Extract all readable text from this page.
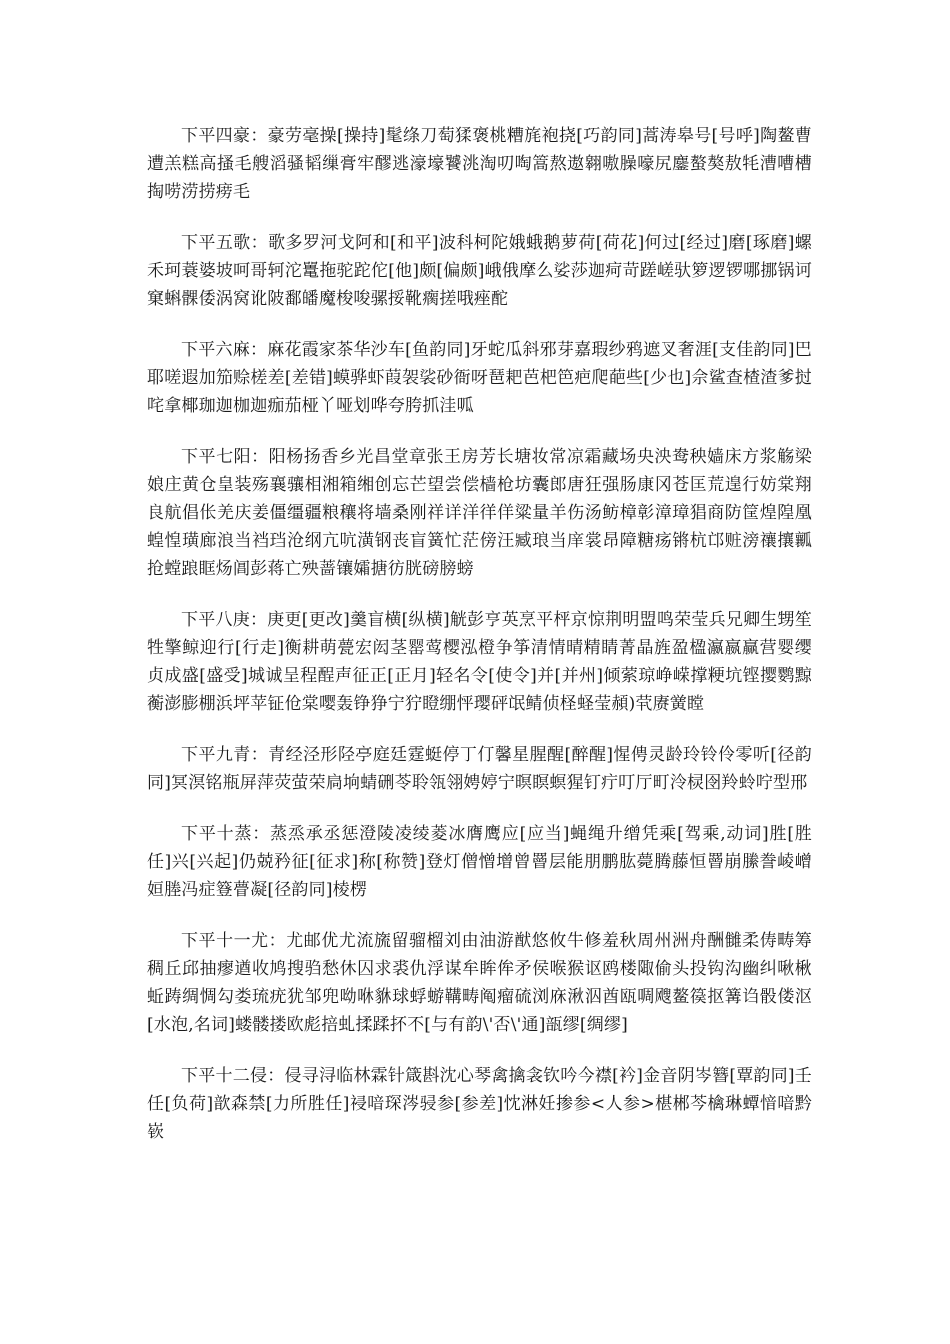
下平四豪：豪劳毫操[操持]髦绦刀萄猱褒桃糟旄袍挠[巧韵同]蒿涛皋号[号呼]陶鳌曹遭羔糕高搔毛艘滔骚韬缫膏牢醪逃濠壕饕洮淘叨啕篙熬遨翱嗷臊嚎尻鏖螯獒敖牦漕嘈槽掏唠涝捞痨毛

下平五歌：歌多罗河戈阿和[和平]波科柯陀娥蛾鹅萝荷[荷花]何过[经过]磨[琢磨]螺禾珂蓑婆坡呵哥轲沱鼍拖驼跎佗[他]颇[偏颇]峨俄摩么娑莎迦疴苛蹉嵯驮箩逻锣哪挪锅诃窠蝌髁倭涡窝讹陂鄱皤魔梭唆骡挼靴瘸搓哦痤酡

下平六麻：麻花霞家茶华沙车[鱼韵同]牙蛇瓜斜邪芽嘉瑕纱鸦遮叉奢涯[支佳韵同]巴耶嗟遐加笳赊槎差[差错]蟆骅虾葭袈裟砂衙呀琶耙芭杷笆疤爬葩些[少也]佘鲨查楂渣爹挝咤拿椰珈迦枷迦痂茄桠丫哑划哗夸胯抓洼呱

下平七阳：阳杨扬香乡光昌堂章张王房芳长塘妆常凉霜藏场央泱鸯秧嫱床方浆觞梁娘庄黄仓皇装殇襄骧相湘箱缃创忘芒望尝偿樯枪坊囊郎唐狂强肠康冈苍匡荒遑行妨棠翔良航倡伥羌庆姜僵缰疆粮穰将墙桑刚祥详洋徉佯粱量羊伤汤鲂樟彰漳璋猖商防筐煌隍凰蝗惶璜廊浪当裆珰沧纲亢吭潢钢丧盲簧忙茫傍汪臧琅当庠裳昂障糖疡锵杭邙赃滂禳攘瓤抢螳踉眶炀阊彭蒋亡殃蔷镶孀搪彷胱磅膀螃

下平八庚：庚更[更改]羹盲横[纵横]觥彭亨英烹平枰京惊荆明盟鸣荣莹兵兄卿生甥笙牲擎鲸迎行[行走]衡耕萌甍宏闳茎罂莺樱泓橙争筝清情晴精睛菁晶旌盈楹瀛嬴赢营婴缨贞成盛[盛受]城诚呈程酲声征正[正月]轻名令[使令]并[并州]倾萦琼峥嵘撑粳坑铿撄鹦黥蘅澎膨棚浜坪苹钲伧棠嘤轰铮狰宁狞瞪绷怦璎砰氓鲭侦柽蛏莹頳)茕赓黉瞠

下平九青：青经泾形陉亭庭廷霆蜓停丁仃馨星腥醒[醉醒]惺俜灵龄玲铃伶零听[径韵同]冥溟铭瓶屏萍荧萤荣扃垧蜻硎苓聆瓴翎娉婷宁暝瞑螟猩钉疔叮厅町泠棂囹羚蛉咛型邢

下平十蒸：蒸烝承丞惩澄陵凌绫菱冰膺鹰应[应当]蝇绳升缯凭乘[驾乘,动词]胜[胜任]兴[兴起]仍兢矜征[征求]称[称赞]登灯僧憎增曾罾层能朋鹏肱薨腾藤恒罾崩縢誊崚嶒姮塍冯症簦瞢凝[径韵同]棱楞

下平十一尤：尤邮优尤流旒留骝榴刘由油游猷悠攸牛修羞秋周州洲舟酬雠柔俦畴筹稠丘邱抽瘳遒收鸠搜驺愁休囚求裘仇浮谋牟眸侔矛侯喉猴讴鸥楼陬偷头投钩沟幽纠啾楸蚯踌绸惆勾娄琉疣犹邹兜呦咻貅球蜉蝣鞲畴阄瘤硫浏庥湫泅酋瓯啁飕鳌篌抠篝诌骰偻沤[水泡,名词]蝼髅搂欧彪掊虬揉蹂抔不[与有韵\'否\'通]瓿缪[绸缪]

下平十二侵：侵寻浔临林霖针箴斟沈心琴禽擒衾钦吟今襟[衿]金音阴岑簪[覃韵同]壬任[负荷]歆森禁[力所胜任]祲喑琛涔骎参[参差]忱淋妊掺参<人参>椹郴芩檎琳蟫愔喑黔嵚
